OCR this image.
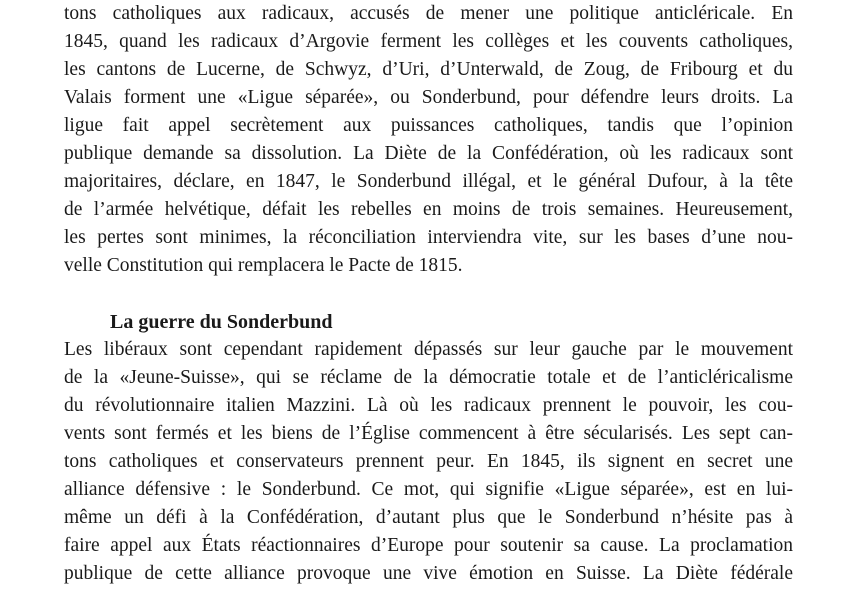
tons catholiques aux radicaux, accusés de mener une politique anticléricale. En
1845, quand les radicaux d’Argovie ferment les collèges et les couvents catholiques,
les cantons de Lucerne, de Schwyz, d’Uri, d’Unterwald, de Zoug, de Fribourg et du
Valais forment une «Ligue séparée», ou Sonderbund, pour défendre leurs droits. La
ligue fait appel secrètement aux puissances catholiques, tandis que l’opinion
publique demande sa dissolution. La Diète de la Confédération, où les radicaux sont
majoritaires, déclare, en 1847, le Sonderbund illégal, et le général Dufour, à la tête
de l’armée helvétique, défait les rebelles en moins de trois semaines. Heureusement,
les pertes sont minimes, la réconciliation interviendra vite, sur les bases d’une nou-
velle Constitution qui remplacera le Pacte de 1815.
La guerre du Sonderbund
Les libéraux sont cependant rapidement dépassés sur leur gauche par le mouvement
de la «Jeune-Suisse», qui se réclame de la démocratie totale et de l’anticléricalisme
du révolutionnaire italien Mazzini. Là où les radicaux prennent le pouvoir, les cou-
vents sont fermés et les biens de l’Église commencent à être sécularisés. Les sept can-
tons catholiques et conservateurs prennent peur. En 1845, ils signent en secret une
alliance défensive : le Sonderbund. Ce mot, qui signifie «Ligue séparée», est en lui-
même un défi à la Confédération, d’autant plus que le Sonderbund n’hésite pas à
faire appel aux États réactionnaires d’Europe pour soutenir sa cause. La proclamation
publique de cette alliance provoque une vive émotion en Suisse. La Diète fédérale
